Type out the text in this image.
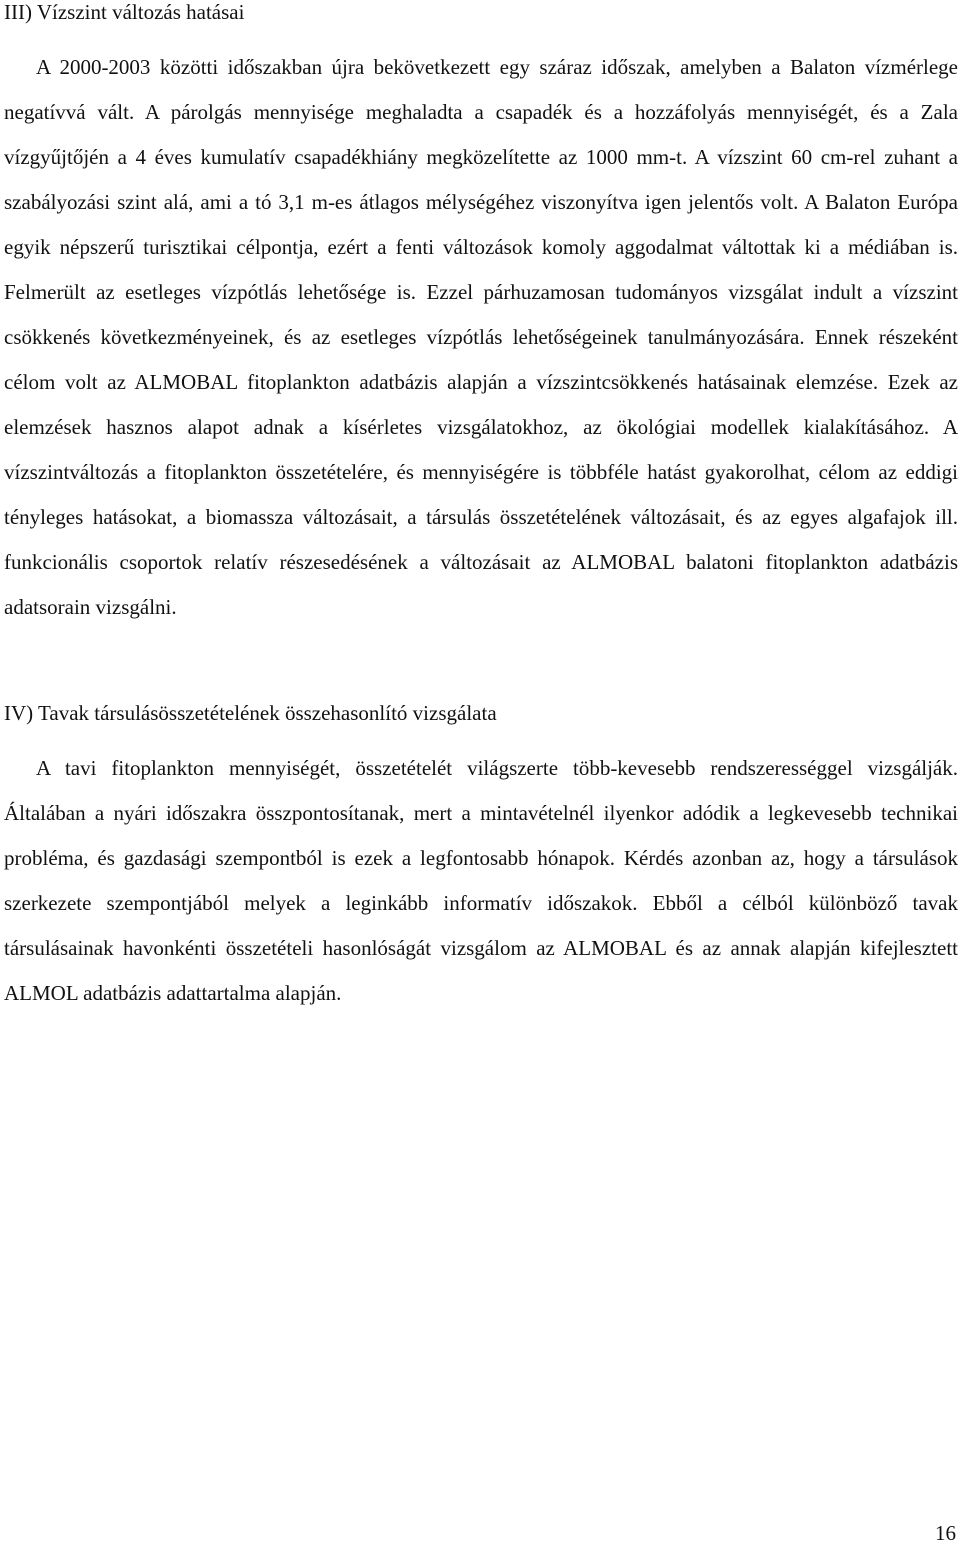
III) Vízszint változás hatásai

A 2000-2003 közötti időszakban újra bekövetkezett egy száraz időszak, amelyben a Balaton vízmérlege negatívvá vált. A párolgás mennyisége meghaladta a csapadék és a hozzáfolyás mennyiségét, és a Zala vízgyűjtőjén a 4 éves kumulatív csapadékhiány megközelítette az 1000 mm-t. A vízszint 60 cm-rel zuhant a szabályozási szint alá, ami a tó 3,1 m-es átlagos mélységéhez viszonyítva igen jelentős volt. A Balaton Európa egyik népszerű turisztikai célpontja, ezért a fenti változások komoly aggodalmat váltottak ki a médiában is. Felmerült az esetleges vízpótlás lehetősége is. Ezzel párhuzamosan tudományos vizsgálat indult a vízszint csökkenés következményeinek, és az esetleges vízpótlás lehetőségeinek tanulmányozására. Ennek részeként célom volt az ALMOBAL fitoplankton adatbázis alapján a vízszintcsökkenés hatásainak elemzése. Ezek az elemzések hasznos alapot adnak a kísérletes vizsgálatokhoz, az ökológiai modellek kialakításához. A vízszintváltozás a fitoplankton összetételére, és mennyiségére is többféle hatást gyakorolhat, célom az eddigi tényleges hatásokat, a biomassza változásait, a társulás összetételének változásait, és az egyes algafajok ill. funkcionális csoportok relatív részesedésének a változásait az ALMOBAL balatoni fitoplankton adatbázis adatsorain vizsgálni.

IV) Tavak társulásösszetételének összehasonlító vizsgálata

A tavi fitoplankton mennyiségét, összetételét világszerte több-kevesebb rendszerességgel vizsgálják. Általában a nyári időszakra összpontosítanak, mert a mintavételnél ilyenkor adódik a legkevesebb technikai probléma, és gazdasági szempontból is ezek a legfontosabb hónapok. Kérdés azonban az, hogy a társulások szerkezete szempontjából melyek a leginkább informatív időszakok. Ebből a célból különböző tavak társulásainak havonkénti összetételi hasonlóságát vizsgálom az ALMOBAL és az annak alapján kifejlesztett ALMOL adatbázis adattartalma alapján.

16
